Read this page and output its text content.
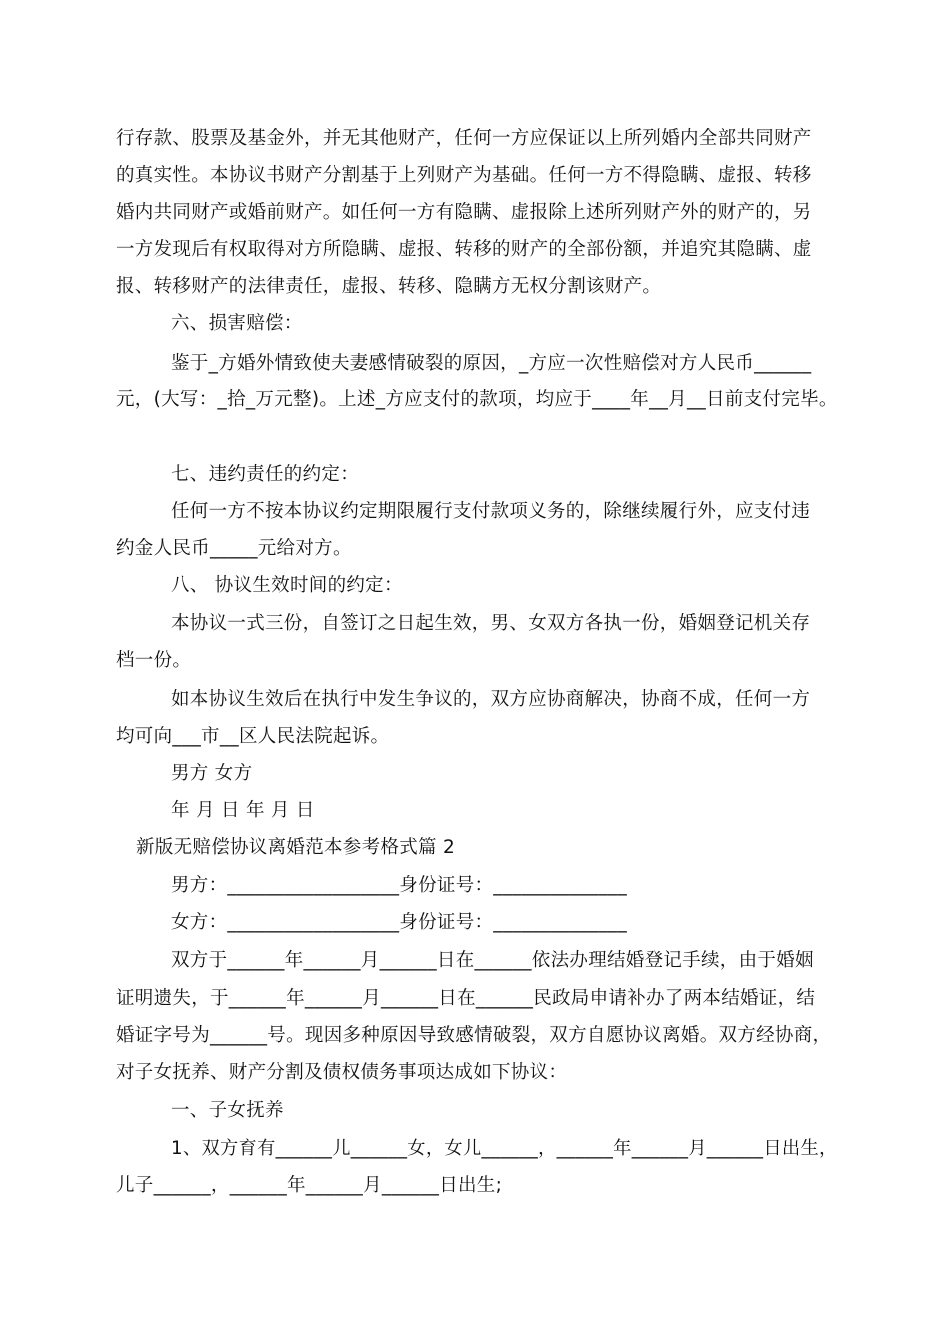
行存款、股票及基金外，并无其他财产，任何一方应保证以上所列婚内全部共同财产
的真实性。本协议书财产分割基于上列财产为基础。任何一方不得隐瞒、虚报、转移
婚内共同财产或婚前财产。如任何一方有隐瞒、虚报除上述所列财产外的财产的，另
一方发现后有权取得对方所隐瞒、虚报、转移的财产的全部份额，并追究其隐瞒、虚
报、转移财产的法律责任，虚报、转移、隐瞒方无权分割该财产。
六、损害赔偿：
鉴于_方婚外情致使夫妻感情破裂的原因，_方应一次性赔偿对方人民币______
元，(大写：_拾_万元整)。上述_方应支付的款项，均应于____年__月__日前支付完毕。
七、违约责任的约定：
任何一方不按本协议约定期限履行支付款项义务的，除继续履行外，应支付违
约金人民币_____元给对方。
八、 协议生效时间的约定：
本协议一式三份，自签订之日起生效，男、女双方各执一份，婚姻登记机关存
档一份。
如本协议生效后在执行中发生争议的，双方应协商解决，协商不成，任何一方
均可向___市__区人民法院起诉。
男方 女方
年 月 日 年 月 日
新版无赔偿协议离婚范本参考格式篇 2
男方：__________________身份证号：______________
女方：__________________身份证号：______________
双方于______年______月______日在______依法办理结婚登记手续，由于婚姻
证明遗失，于______年______月______日在______民政局申请补办了两本结婚证，结
婚证字号为______号。现因多种原因导致感情破裂，双方自愿协议离婚。双方经协商，
对子女抚养、财产分割及债权债务事项达成如下协议：
一、子女抚养
1、双方育有______儿______女，女儿______，______年______月______日出生，
儿子______，______年______月______日出生;
